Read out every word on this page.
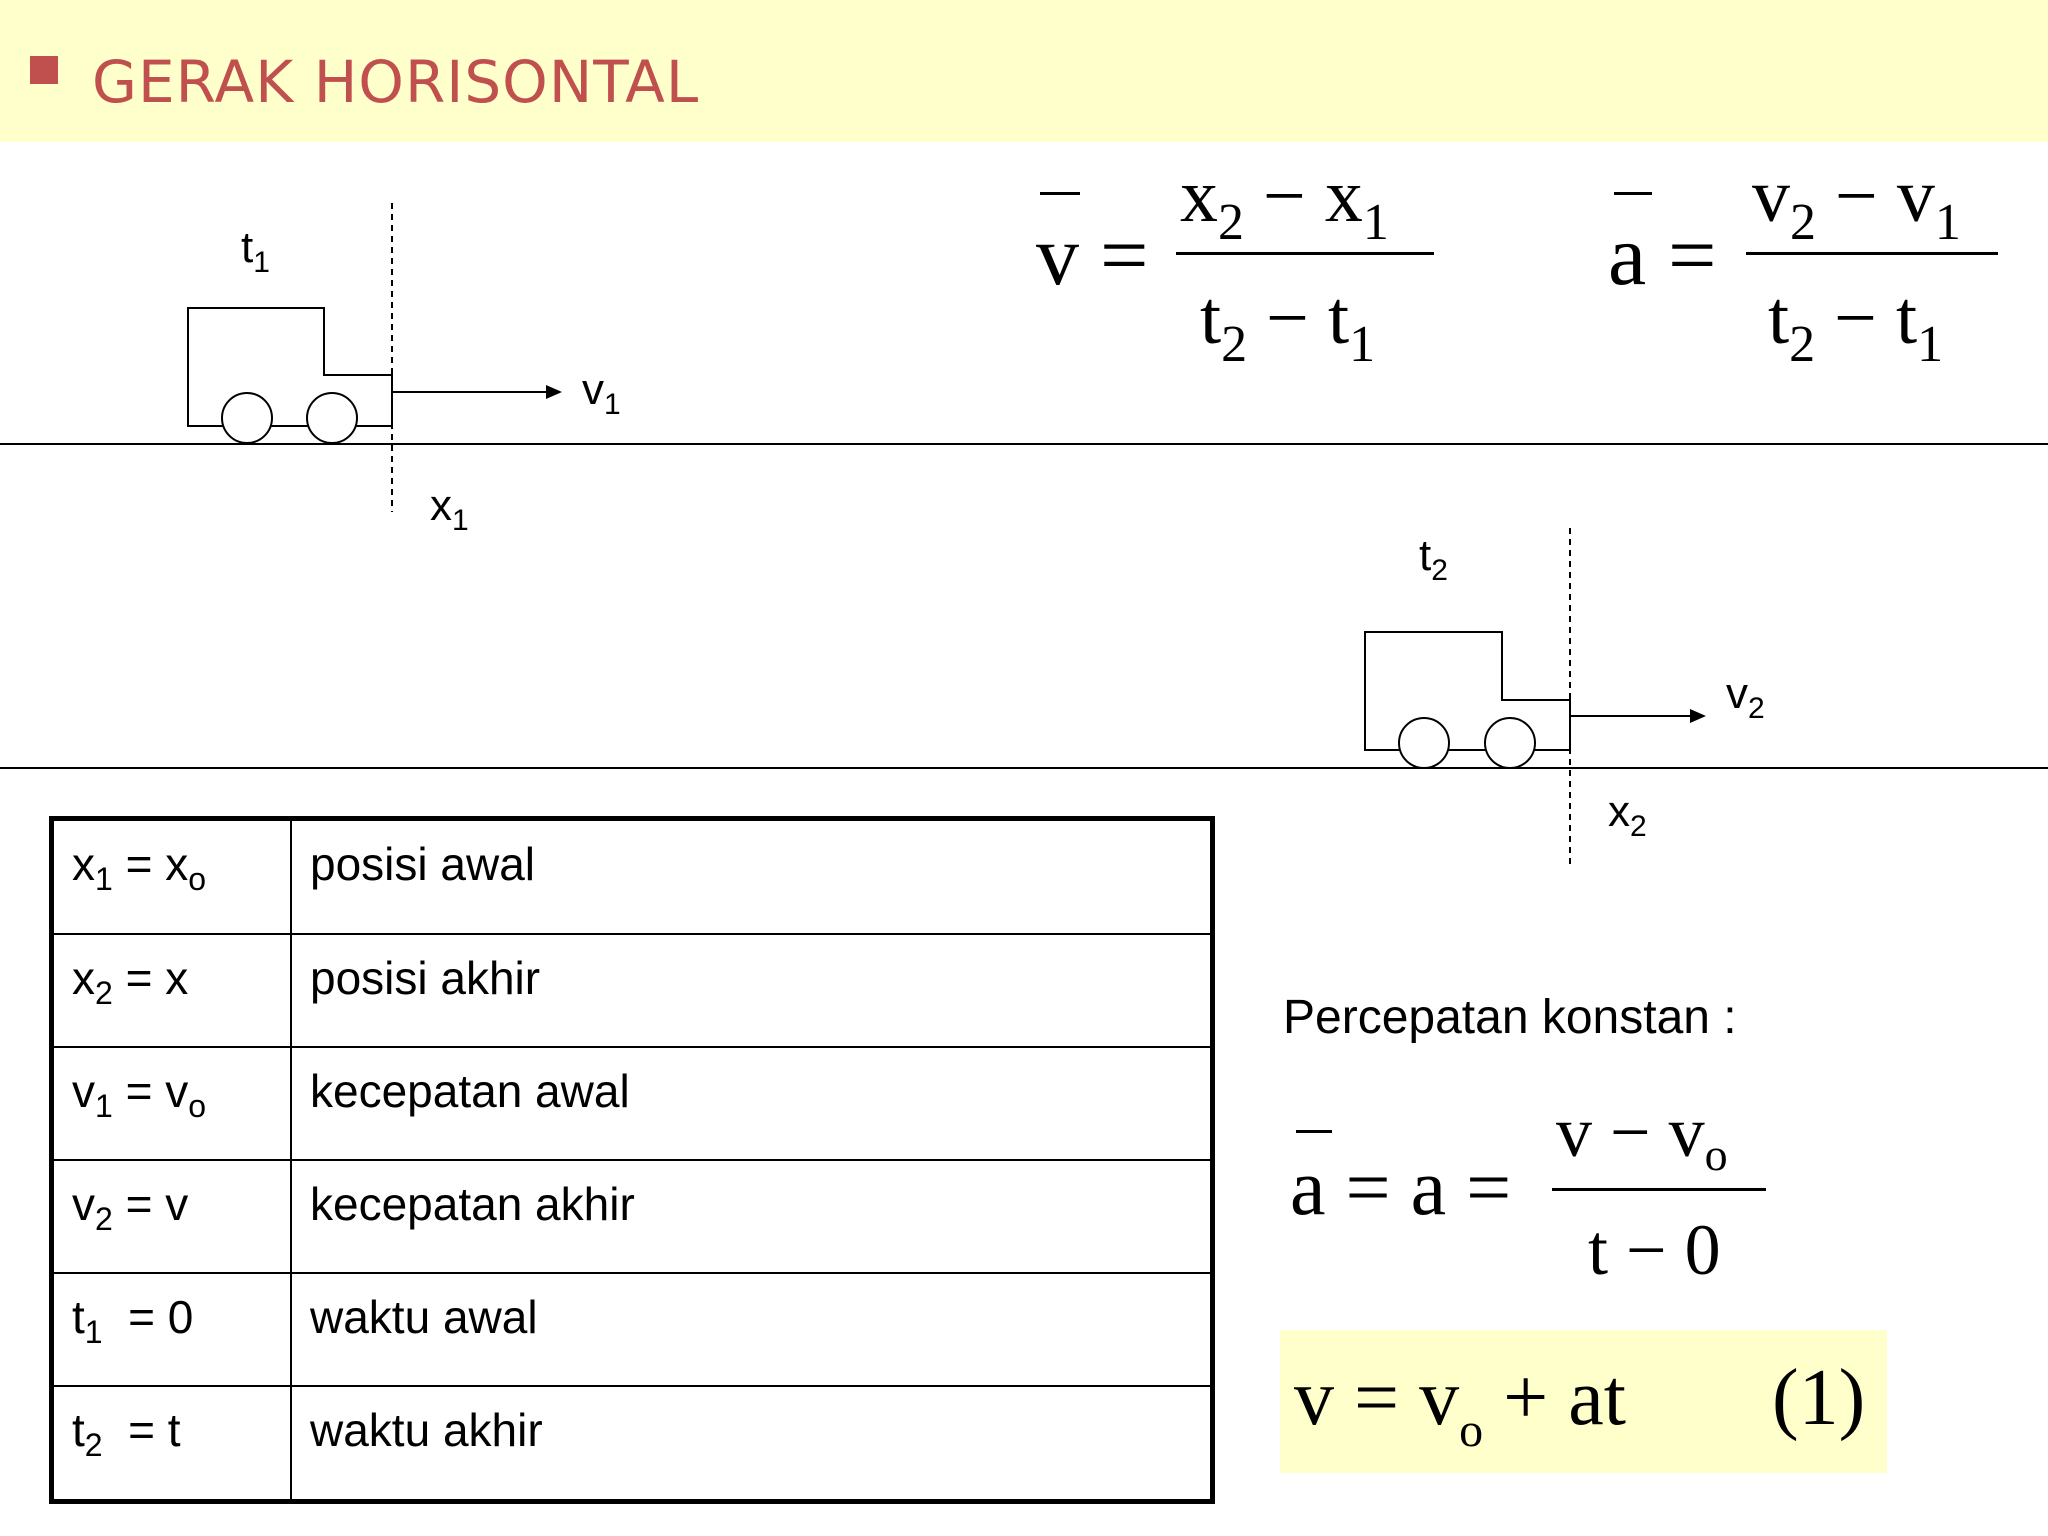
GERAK HORISONTAL
$t_1$
$v_1$
$x_1$
$t_2$
$v_2$
$x_2$
v =
$x_2 - x_1$
$t_2 - t_1$
a =
$v_2 - v_1$
$t_2 - t_1$
$x_1 = x_o$	posisi awal
$x_2 = x$	posisi akhir
$v_1 = v_o$	kecepatan awal
$v_2 = v$	kecepatan akhir
$t_1 = 0$	waktu awal
$t_2 = t$	waktu akhir
Percepatan konstan :
a = a =
$v - v_o$
t − 0
$v = v_o$ + at (1)
